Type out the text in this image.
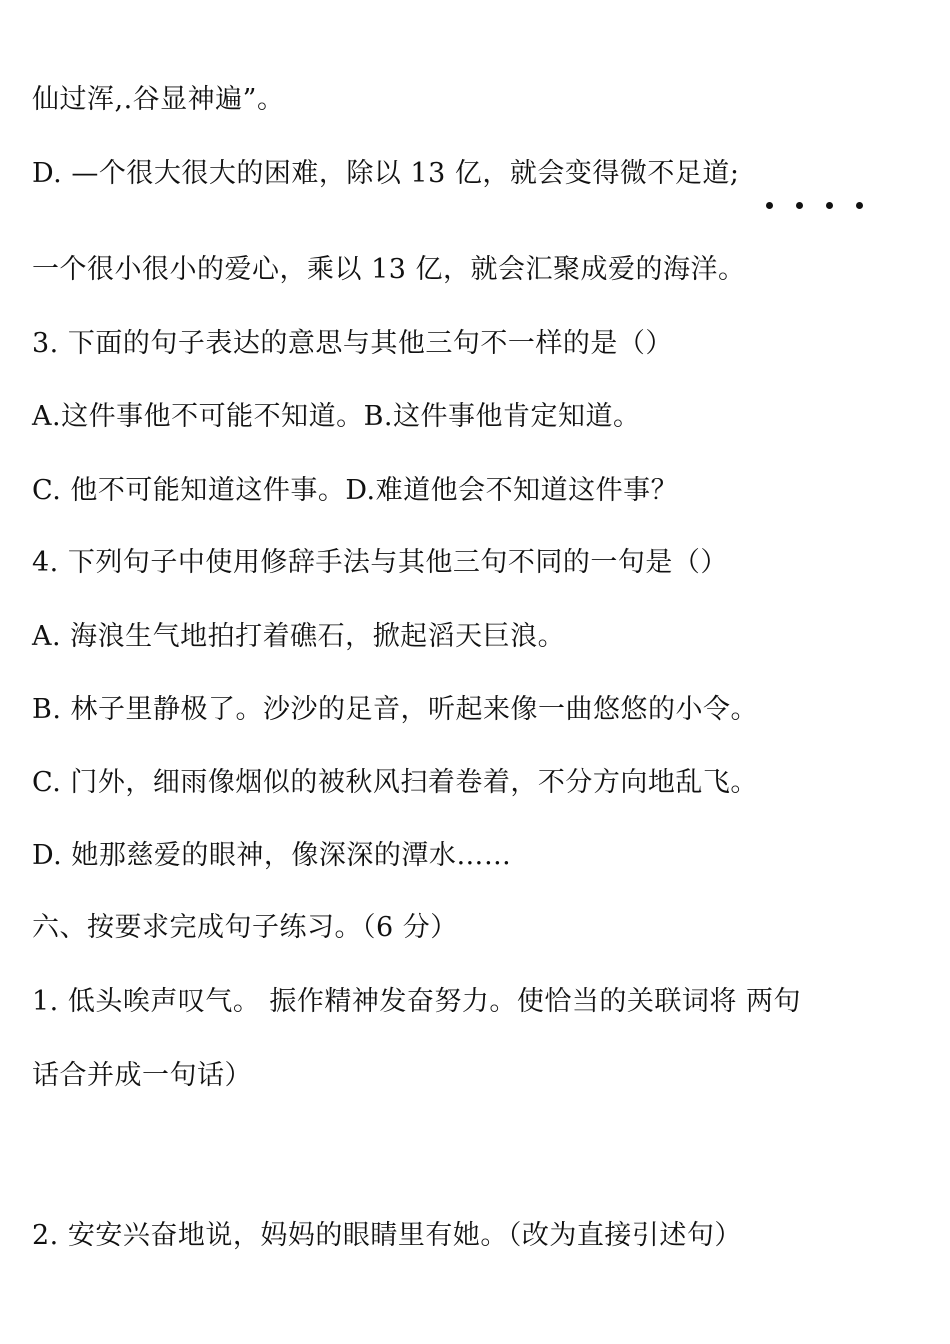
仙过浑,.谷显神遍”。
D. —个很大很大的困难，除以 13 亿，就会变得微不足道;
一个很小很小的爱心，乘以 13 亿，就会汇聚成爱的海洋。
3. 下面的句子表达的意思与其他三句不一样的是（）
A.这件事他不可能不知道。B.这件事他肯定知道。
C. 他不可能知道这件事。D.难道他会不知道这件事？
4. 下列句子中使用修辞手法与其他三句不同的一句是（）
A. 海浪生气地拍打着礁石，掀起滔天巨浪。
B. 林子里静极了。沙沙的足音，听起来像一曲悠悠的小令。
C. 门外，细雨像烟似的被秋风扫着卷着，不分方向地乱飞。
D. 她那慈爱的眼神，像深深的潭水……
六、按要求完成句子练习。（6 分）
1. 低头唉声叹气。 振作精神发奋努力。使恰当的关联词将 两句
话合并成一句话）
2. 安安兴奋地说，妈妈的眼睛里有她。（改为直接引述句）
